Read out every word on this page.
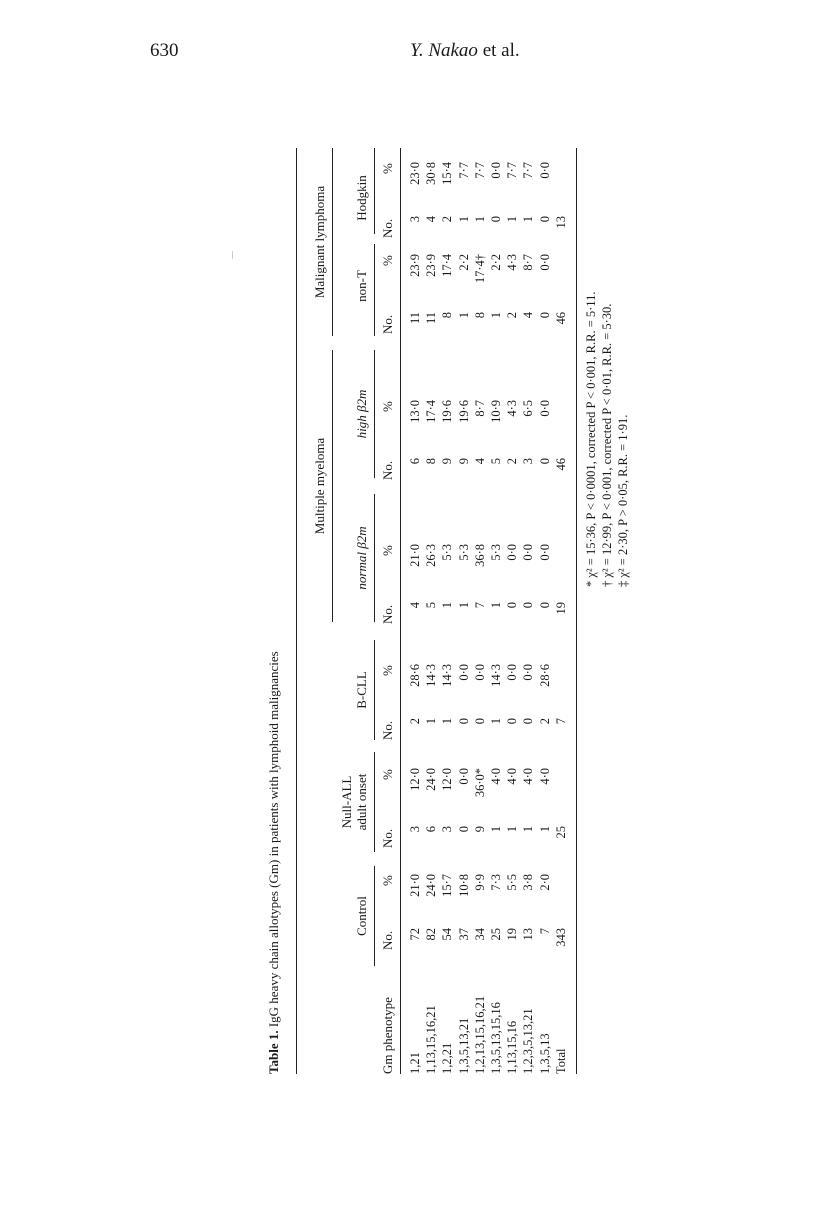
630	Y. Nakao et al.
Table 1. IgG heavy chain allotypes (Gm) in patients with lymphoid malignancies
Multiple myeloma
Malignant lymphoma
Control
Null-ALL adult onset
B-CLL
normal β2m
high β2m
non-T
Hodgkin
Gm phenotype
No.
%
No.
%
No.
%
No.
%
No.
%
No.
%
No.
%
1,21
72
21·0
3
12·0
2
28·6
4
21·0
6
13·0
11
23·9
3
23·0
1,13,15,16,21
82
24·0
6
24·0
1
14·3
5
26·3
8
17·4
11
23·9
4
30·8
1,2,21
54
15·7
3
12·0
1
14·3
1
5·3
9
19·6
8
17·4
2
15·4
1,3,5,13,21
37
10·8
0
0·0
0
0·0
1
5·3
9
19·6
1
2·2
1
7·7
1,2,13,15,16,21
34
9·9
9
36·0*
0
0·0
7
36·8
4
8·7
8
17·4†
1
7·7
1,3,5,13,15,16
25
7·3
1
4·0
1
14·3
1
5·3
5
10·9
1
2·2
0
0·0
1,13,15,16
19
5·5
1
4·0
0
0·0
0
0·0
2
4·3
2
4·3
1
7·7
1,2,3,5,13,21
13
3·8
1
4·0
0
0·0
0
0·0
3
6·5
4
8·7
1
7·7
1,3,5,13
7
2·0
1
4·0
2
28·6
0
0·0
0
0·0
0
0·0
0
0·0
Total
343
25
7
19
46
46
13
* χ² = 15·36, P < 0·0001, corrected P < 0·001, R.R. = 5·11. † χ² = 12·99, P < 0·001, corrected P < 0·01, R.R. = 5·30. ‡ χ² = 2·30, P > 0·05, R.R. = 1·91.
